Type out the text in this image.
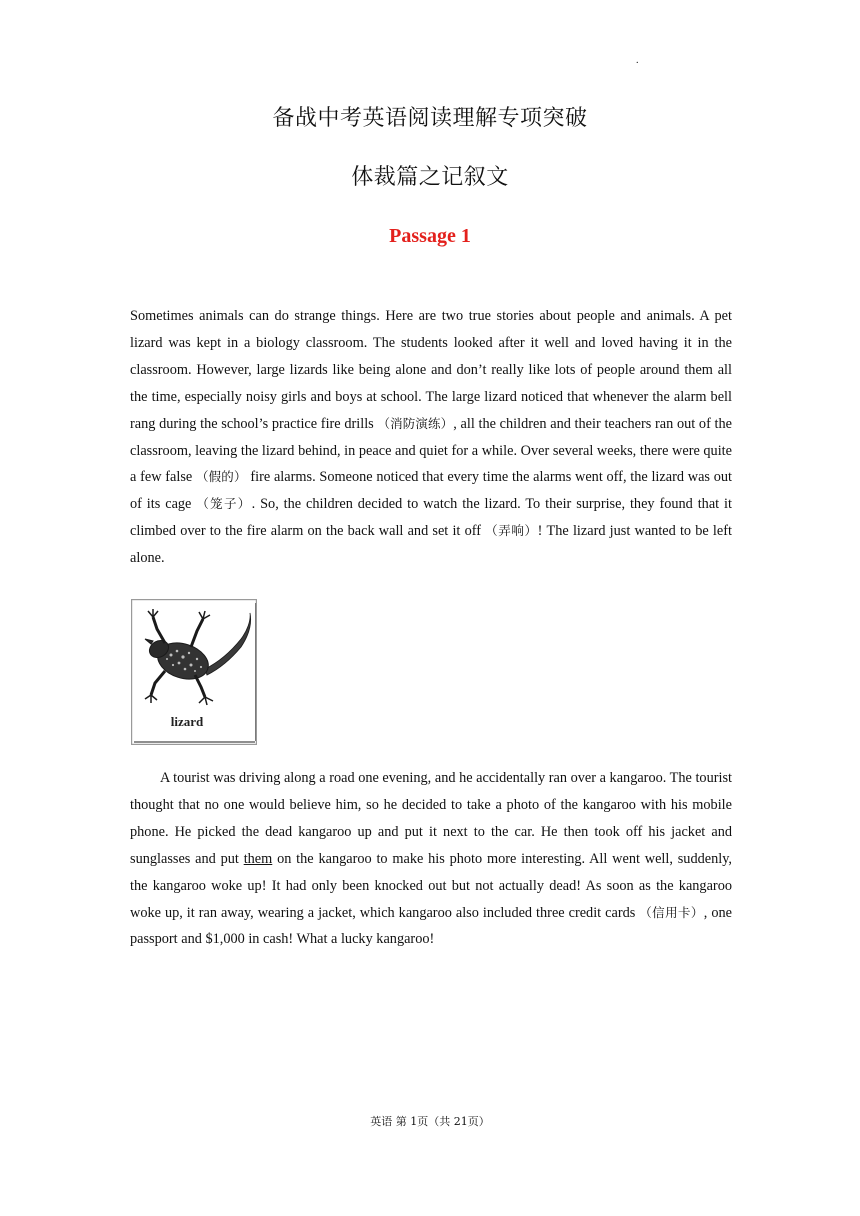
.
备战中考英语阅读理解专项突破
体裁篇之记叙文
Passage 1

Sometimes animals can do strange things. Here are two true stories about people and animals. A pet lizard was kept in a biology classroom. The students looked after it well and loved having it in the classroom. However, large lizards like being alone and don’t really like lots of people around them all the time, especially noisy girls and boys at school. The large lizard noticed that whenever the alarm bell rang during the school’s practice fire drills （消防演练）, all the children and their teachers ran out of the classroom, leaving the lizard behind, in peace and quiet for a while. Over several weeks, there were quite a few false （假的） fire alarms. Someone noticed that every time the alarms went off, the lizard was out of its cage （笼子）. So, the children decided to watch the lizard. To their surprise, they found that it climbed over to the fire alarm on the back wall and set it off （弄响）! The lizard just wanted to be left alone.

lizard

A tourist was driving along a road one evening, and he accidentally ran over a kangaroo. The tourist thought that no one would believe him, so he decided to take a photo of the kangaroo with his mobile phone. He picked the dead kangaroo up and put it next to the car. He then took off his jacket and sunglasses and put them on the kangaroo to make his photo more interesting. All went well, suddenly, the kangaroo woke up! It had only been knocked out but not actually dead! As soon as the kangaroo woke up, it ran away, wearing a jacket, which kangaroo also included three credit cards （信用卡）, one passport and $1,000 in cash! What a lucky kangaroo!

英语 第 1页（共 21页）
